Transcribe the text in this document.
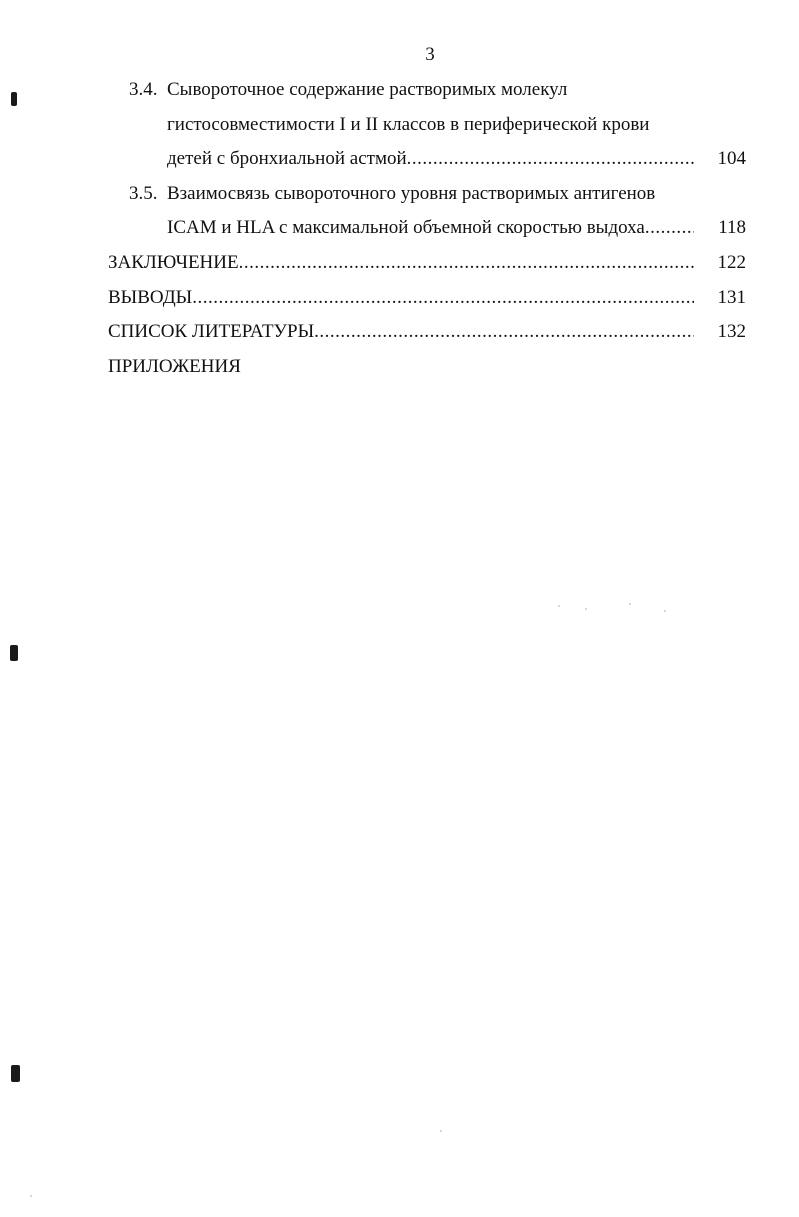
3
3.4. Сывороточное содержание растворимых молекул
гистосовместимости I и II классов в периферической крови
детей с бронхиальной астмой .....	104
3.5. Взаимосвязь сывороточного уровня растворимых антигенов
ICAM и HLA с максимальной объемной скоростью выдоха .....	118
ЗАКЛЮЧЕНИЕ .....	122
ВЫВОДЫ .....	131
СПИСОК ЛИТЕРАТУРЫ .....	132
ПРИЛОЖЕНИЯ
